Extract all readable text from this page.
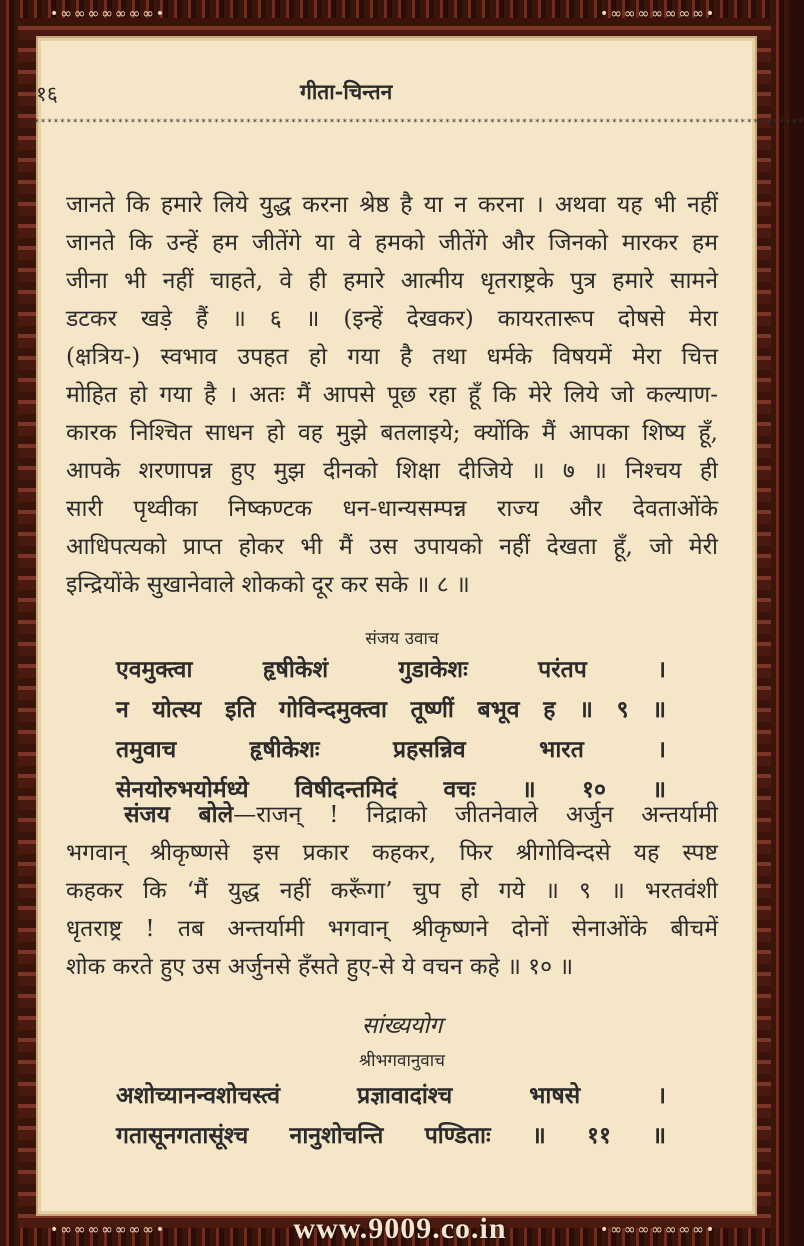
•∞∞∞∞∞∞∞•	•∞∞∞∞∞∞∞•
१६	गीता-चिन्तन
************************************************************************************************************************
जानते कि हमारे लिये युद्ध करना श्रेष्ठ है या न करना । अथवा यह भी नहीं
जानते कि उन्हें हम जीतेंगे या वे हमको जीतेंगे और जिनको मारकर हम
जीना भी नहीं चाहते, वे ही हमारे आत्मीय धृतराष्ट्रके पुत्र हमारे सामने
डटकर खड़े हैं ॥ ६ ॥ (इन्हें देखकर) कायरतारूप दोषसे मेरा
(क्षत्रिय-) स्वभाव उपहत हो गया है तथा धर्मके विषयमें मेरा चित्त
मोहित हो गया है । अतः मैं आपसे पूछ रहा हूँ कि मेरे लिये जो कल्याण-
कारक निश्चित साधन हो वह मुझे बतलाइये; क्योंकि मैं आपका शिष्य हूँ,
आपके शरणापन्न हुए मुझ दीनको शिक्षा दीजिये ॥ ७ ॥ निश्चय ही
सारी पृथ्वीका निष्कण्टक धन-धान्यसम्पन्न राज्य और देवताओंके
आधिपत्यको प्राप्त होकर भी मैं उस उपायको नहीं देखता हूँ, जो मेरी
इन्द्रियोंके सुखानेवाले शोकको दूर कर सके ॥ ८ ॥
संजय उवाच
एवमुक्त्वा हृषीकेशं गुडाकेशः परंतप ।
न योत्स्य इति गोविन्दमुक्त्वा तूष्णीं बभूव ह ॥ ९ ॥
तमुवाच हृषीकेशः प्रहसन्निव भारत ।
सेनयोरुभयोर्मध्ये विषीदन्तमिदं वचः ॥ १० ॥
संजय बोले—राजन् ! निद्राको जीतनेवाले अर्जुन अन्तर्यामी
भगवान् श्रीकृष्णसे इस प्रकार कहकर, फिर श्रीगोविन्दसे यह स्पष्ट
कहकर कि ‘मैं युद्ध नहीं करूँगा’ चुप हो गये ॥ ९ ॥ भरतवंशी
धृतराष्ट्र ! तब अन्तर्यामी भगवान् श्रीकृष्णने दोनों सेनाओंके बीचमें
शोक करते हुए उस अर्जुनसे हँसते हुए-से ये वचन कहे ॥ १० ॥
सांख्ययोग
श्रीभगवानुवाच
अशोच्यानन्वशोचस्त्वं प्रज्ञावादांश्च भाषसे ।
गतासूनगतासूंश्च नानुशोचन्ति पण्डिताः ॥ ११ ॥
•∞∞∞∞∞∞∞•	•∞∞∞∞∞∞∞•
www.9009.co.in
